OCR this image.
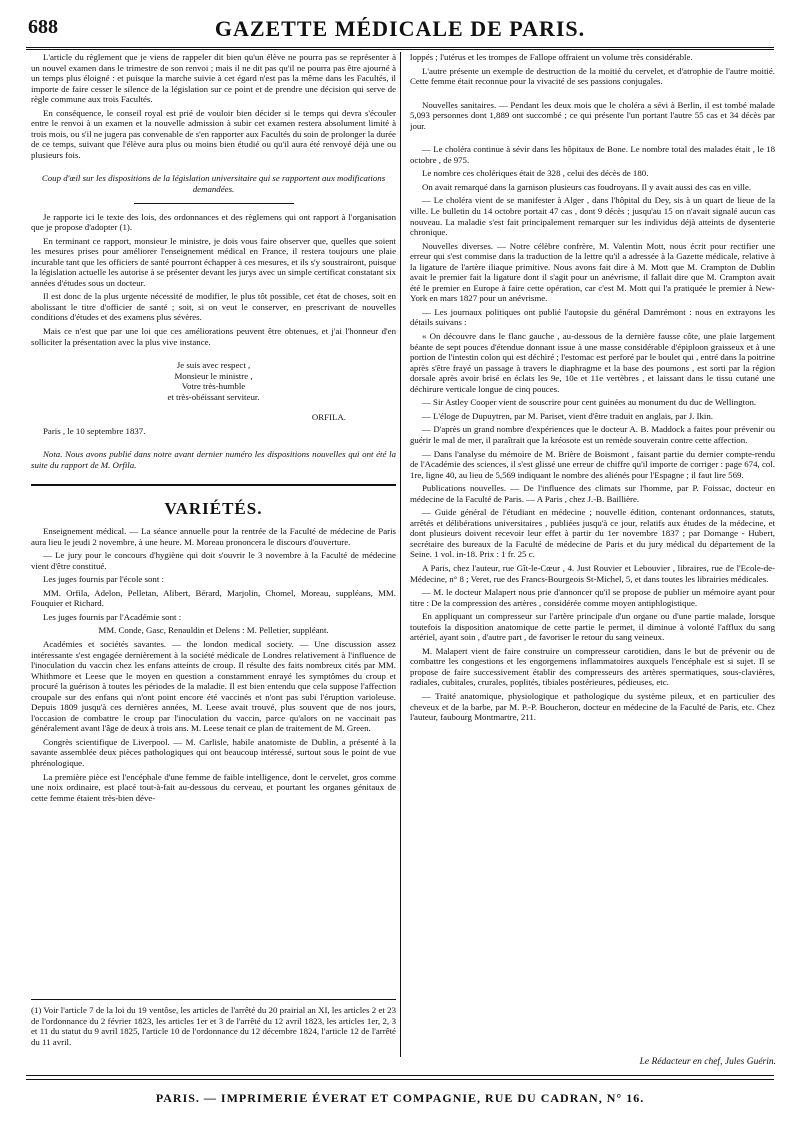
688	GAZETTE MÉDICALE DE PARIS.

L'article du règlement que je viens de rappeler dit bien qu'un élève ne pourra pas se représenter à un nouvel examen dans le trimestre de son renvoi ; mais il ne dit pas qu'il ne pourra pas être ajourné à un temps plus éloigné : et puisque la marche suivie à cet égard n'est pas la même dans les Facultés, il importe de faire cesser le silence de la législation sur ce point et de prendre une décision qui serve de règle commune aux trois Facultés.

En conséquence, le conseil royal est prié de vouloir bien décider si le temps qui devra s'écouler entre le renvoi à un examen et la nouvelle admission à subir cet examen restera absolument limité à trois mois, ou s'il ne jugera pas convenable de s'en rapporter aux Facultés du soin de prolonger la durée de ce temps, suivant que l'élève aura plus ou moins bien étudié ou qu'il aura été renvoyé déjà une ou plusieurs fois.

Coup d'œil sur les dispositions de la législation universitaire qui se rapportent aux modifications demandées.

Je rapporte ici le texte des lois, des ordonnances et des règlemens qui ont rapport à l'organisation que je propose d'adopter (1).

En terminant ce rapport, monsieur le ministre, je dois vous faire observer que, quelles que soient les mesures prises pour améliorer l'enseignement médical en France, il restera toujours une plaie incurable tant que les officiers de santé pourront échapper à ces mesures, et ils s'y soustrairont, puisque la législation actuelle les autorise à se présenter devant les jurys avec un simple certificat constatant six années d'études sous un docteur.

Il est donc de la plus urgente nécessité de modifier, le plus tôt possible, cet état de choses, soit en abolissant le titre d'officier de santé ; soit, si on veut le conserver, en prescrivant de nouvelles conditions d'études et des examens plus sévères.

Mais ce n'est que par une loi que ces améliorations peuvent être obtenues, et j'ai l'honneur d'en solliciter la présentation avec la plus vive instance.

Je suis avec respect ,

Monsieur le ministre ,

Votre très-humble

et très-obéissant serviteur.

ORFILA.

Paris , le 10 septembre 1837.

Nota. Nous avons publié dans notre avant dernier numéro les dispositions nouvelles qui ont été la suite du rapport de M. Orfila.

VARIÉTÉS.

Enseignement médical. — La séance annuelle pour la rentrée de la Faculté de médecine de Paris aura lieu le jeudi 2 novembre, à une heure. M. Moreau prononcera le discours d'ouverture.

— Le jury pour le concours d'hygiène qui doit s'ouvrir le 3 novembre à la Faculté de médecine vient d'être constitué.

Les juges fournis par l'école sont :

MM. Orfila, Adelon, Pelletan, Alibert, Bérard, Marjolin, Chomel, Moreau, suppléans, MM. Fouquier et Richard.

Les juges fournis par l'Académie sont :

MM. Conde, Gasc, Renauldin et Delens : M. Pelletier, suppléant.

Académies et sociétés savantes. — the london medical society. — Une discussion assez intéressante s'est engagée dernièrement à la société médicale de Londres relativement à l'influence de l'inoculation du vaccin chez les enfans atteints de croup. Il résulte des faits nombreux cités par MM. Whithmore et Leese que le moyen en question a constamment enrayé les symptômes du croup et procuré la guérison à toutes les périodes de la maladie. Il est bien entendu que cela suppose l'affection croupale sur des enfans qui n'ont point encore été vaccinés et n'ont pas subi l'éruption varioleuse. Depuis 1809 jusqu'à ces dernières années, M. Leese avait trouvé, plus souvent que de nos jours, l'occasion de combattre le croup par l'inoculation du vaccin, parce qu'alors on ne vaccinait pas généralement avant l'âge de deux à trois ans. M. Leese tenait ce plan de traitement de M. Green.

Congrès scientifique de Liverpool. — M. Carlisle, habile anatomiste de Dublin, a présenté à la savante assemblée deux pièces pathologiques qui ont beaucoup intéressé, surtout sous le point de vue phrénologique.

La première pièce est l'encéphale d'une femme de faible intelligence, dont le cervelet, gros comme une noix ordinaire, est placé tout-à-fait au-dessous du cerveau, et pourtant les organes génitaux de cette femme étaient très-bien déve-

(1) Voir l'article 7 de la loi du 19 ventôse, les articles de l'arrêté du 20 prairial an XI, les articles 2 et 23 de l'ordonnance du 2 février 1823, les articles 1er et 3 de l'arrêté du 12 avril 1823, les articles 1er, 2, 3 et 11 du statut du 9 avril 1825, l'article 10 de l'ordonnance du 12 décembre 1824, l'article 12 de l'arrêté du 11 avril.

loppés ; l'utérus et les trompes de Fallope offraient un volume très considérable.

L'autre présente un exemple de destruction de la moitié du cervelet, et d'atrophie de l'autre moitié. Cette femme était reconnue pour la vivacité de ses passions conjugales.

Nouvelles sanitaires. — Pendant les deux mois que le choléra a sévi à Berlin, il est tombé malade 5,093 personnes dont 1,889 ont succombé ; ce qui présente l'un portant l'autre 55 cas et 34 décès par jour.

— Le choléra continue à sévir dans les hôpitaux de Bone. Le nombre total des malades était , le 18 octobre , de 975.

Le nombre ces cholériques était de 328 , celui des décès de 180.

On avait remarqué dans la garnison plusieurs cas foudroyans. Il y avait aussi des cas en ville.

— Le choléra vient de se manifester à Alger , dans l'hôpital du Dey, sis à un quart de lieue de la ville. Le bulletin du 14 octobre portait 47 cas , dont 9 décès ; jusqu'au 15 on n'avait signalé aucun cas nouveau. La maladie s'est fait principalement remarquer sur les individus déjà atteints de dysenterie chronique.

Nouvelles diverses. — Notre célèbre confrère, M. Valentin Mott, nous écrit pour rectifier une erreur qui s'est commise dans la traduction de la lettre qu'il a adressée à la Gazette médicale, relative à la ligature de l'artère iliaque primitive. Nous avons fait dire à M. Mott que M. Crampton de Dublin avait le premier fait la ligature dont il s'agit pour un anévrisme, il fallait dire que M. Crampton avait été le premier en Europe à faire cette opération, car c'est M. Mott qui l'a pratiquée le premier à New-York en mars 1827 pour un anévrisme.

— Les journaux politiques ont publié l'autopsie du général Damrémont : nous en extrayons les détails suivans :

« On découvre dans le flanc gauche , au-dessous de la dernière fausse côte, une plaie largement béante de sept pouces d'étendue donnant issue à une masse considérable d'épiploon graisseux et à une portion de l'intestin colon qui est déchiré ; l'estomac est perforé par le boulet qui , entré dans la poitrine après s'être frayé un passage à travers le diaphragme et la base des poumons , est sorti par la région dorsale après avoir brisé en éclats les 9e, 10e et 11e vertèbres , et laissant dans le tissu cutané une déchirure verticale longue de cinq pouces.

— Sir Astley Cooper vient de souscrire pour cent guinées au monument du duc de Wellington.

— L'éloge de Dupuytren, par M. Pariset, vient d'être traduit en anglais, par J. Ikin.

— D'après un grand nombre d'expériences que le docteur A. B. Maddock a faites pour prévenir ou guérir le mal de mer, il paraîtrait que la kréosote est un remède souverain contre cette affection.

— Dans l'analyse du mémoire de M. Brière de Boismont , faisant partie du dernier compte-rendu de l'Académie des sciences, il s'est glissé une erreur de chiffre qu'il importe de corriger : page 674, col. 1re, ligne 40, au lieu de 5,569 indiquant le nombre des aliénés pour l'Espagne ; il faut lire 569.

Publications nouvelles. — De l'influence des climats sur l'homme, par P. Foissac, docteur en médecine de la Faculté de Paris. — A Paris , chez J.-B. Baillière.

— Guide général de l'étudiant en médecine ; nouvelle édition, contenant ordonnances, statuts, arrêtés et délibérations universitaires , publiées jusqu'à ce jour, relatifs aux études de la médecine, et dont plusieurs doivent recevoir leur effet à partir du 1er novembre 1837 ; par Domange - Hubert, secrétaire des bureaux de la Faculté de médecine de Paris et du jury médical du département de la Seine. 1 vol. in-18. Prix : 1 fr. 25 c.

A Paris, chez l'auteur, rue Gît-le-Cœur , 4. Just Rouvier et Lebouvier , libraires, rue de l'Ecole-de-Médecine, n° 8 ; Veret, rue des Francs-Bourgeois St-Michel, 5, et dans toutes les librairies médicales.

— M. le docteur Malapert nous prie d'annoncer qu'il se propose de publier un mémoire ayant pour titre : De la compression des artères , considérée comme moyen antiphlogistique.

En appliquant un compresseur sur l'artère principale d'un organe ou d'une partie malade, lorsque toutefois la disposition anatomique de cette partie le permet, il diminue à volonté l'afflux du sang artériel, ayant soin , d'autre part , de favoriser le retour du sang veineux.

M. Malapert vient de faire construire un compresseur carotidien, dans le but de prévenir ou de combattre les congestions et les engorgemens inflammatoires auxquels l'encéphale est si sujet. Il se propose de faire successivement établir des compresseurs des artères spermatiques, sous-clavières, radiales, cubitales, crurales, poplités, tibiales postérieures, pédieuses, etc.

— Traité anatomique, physiologique et pathologique du système pileux, et en particulier des cheveux et de la barbe, par M. P.-P. Boucheron, docteur en médecine de la Faculté de Paris, etc. Chez l'auteur, faubourg Montmartre, 211.

Le Rédacteur en chef, Jules Guérin.
PARIS. — IMPRIMERIE ÉVERAT ET COMPAGNIE, RUE DU CADRAN, N° 16.
